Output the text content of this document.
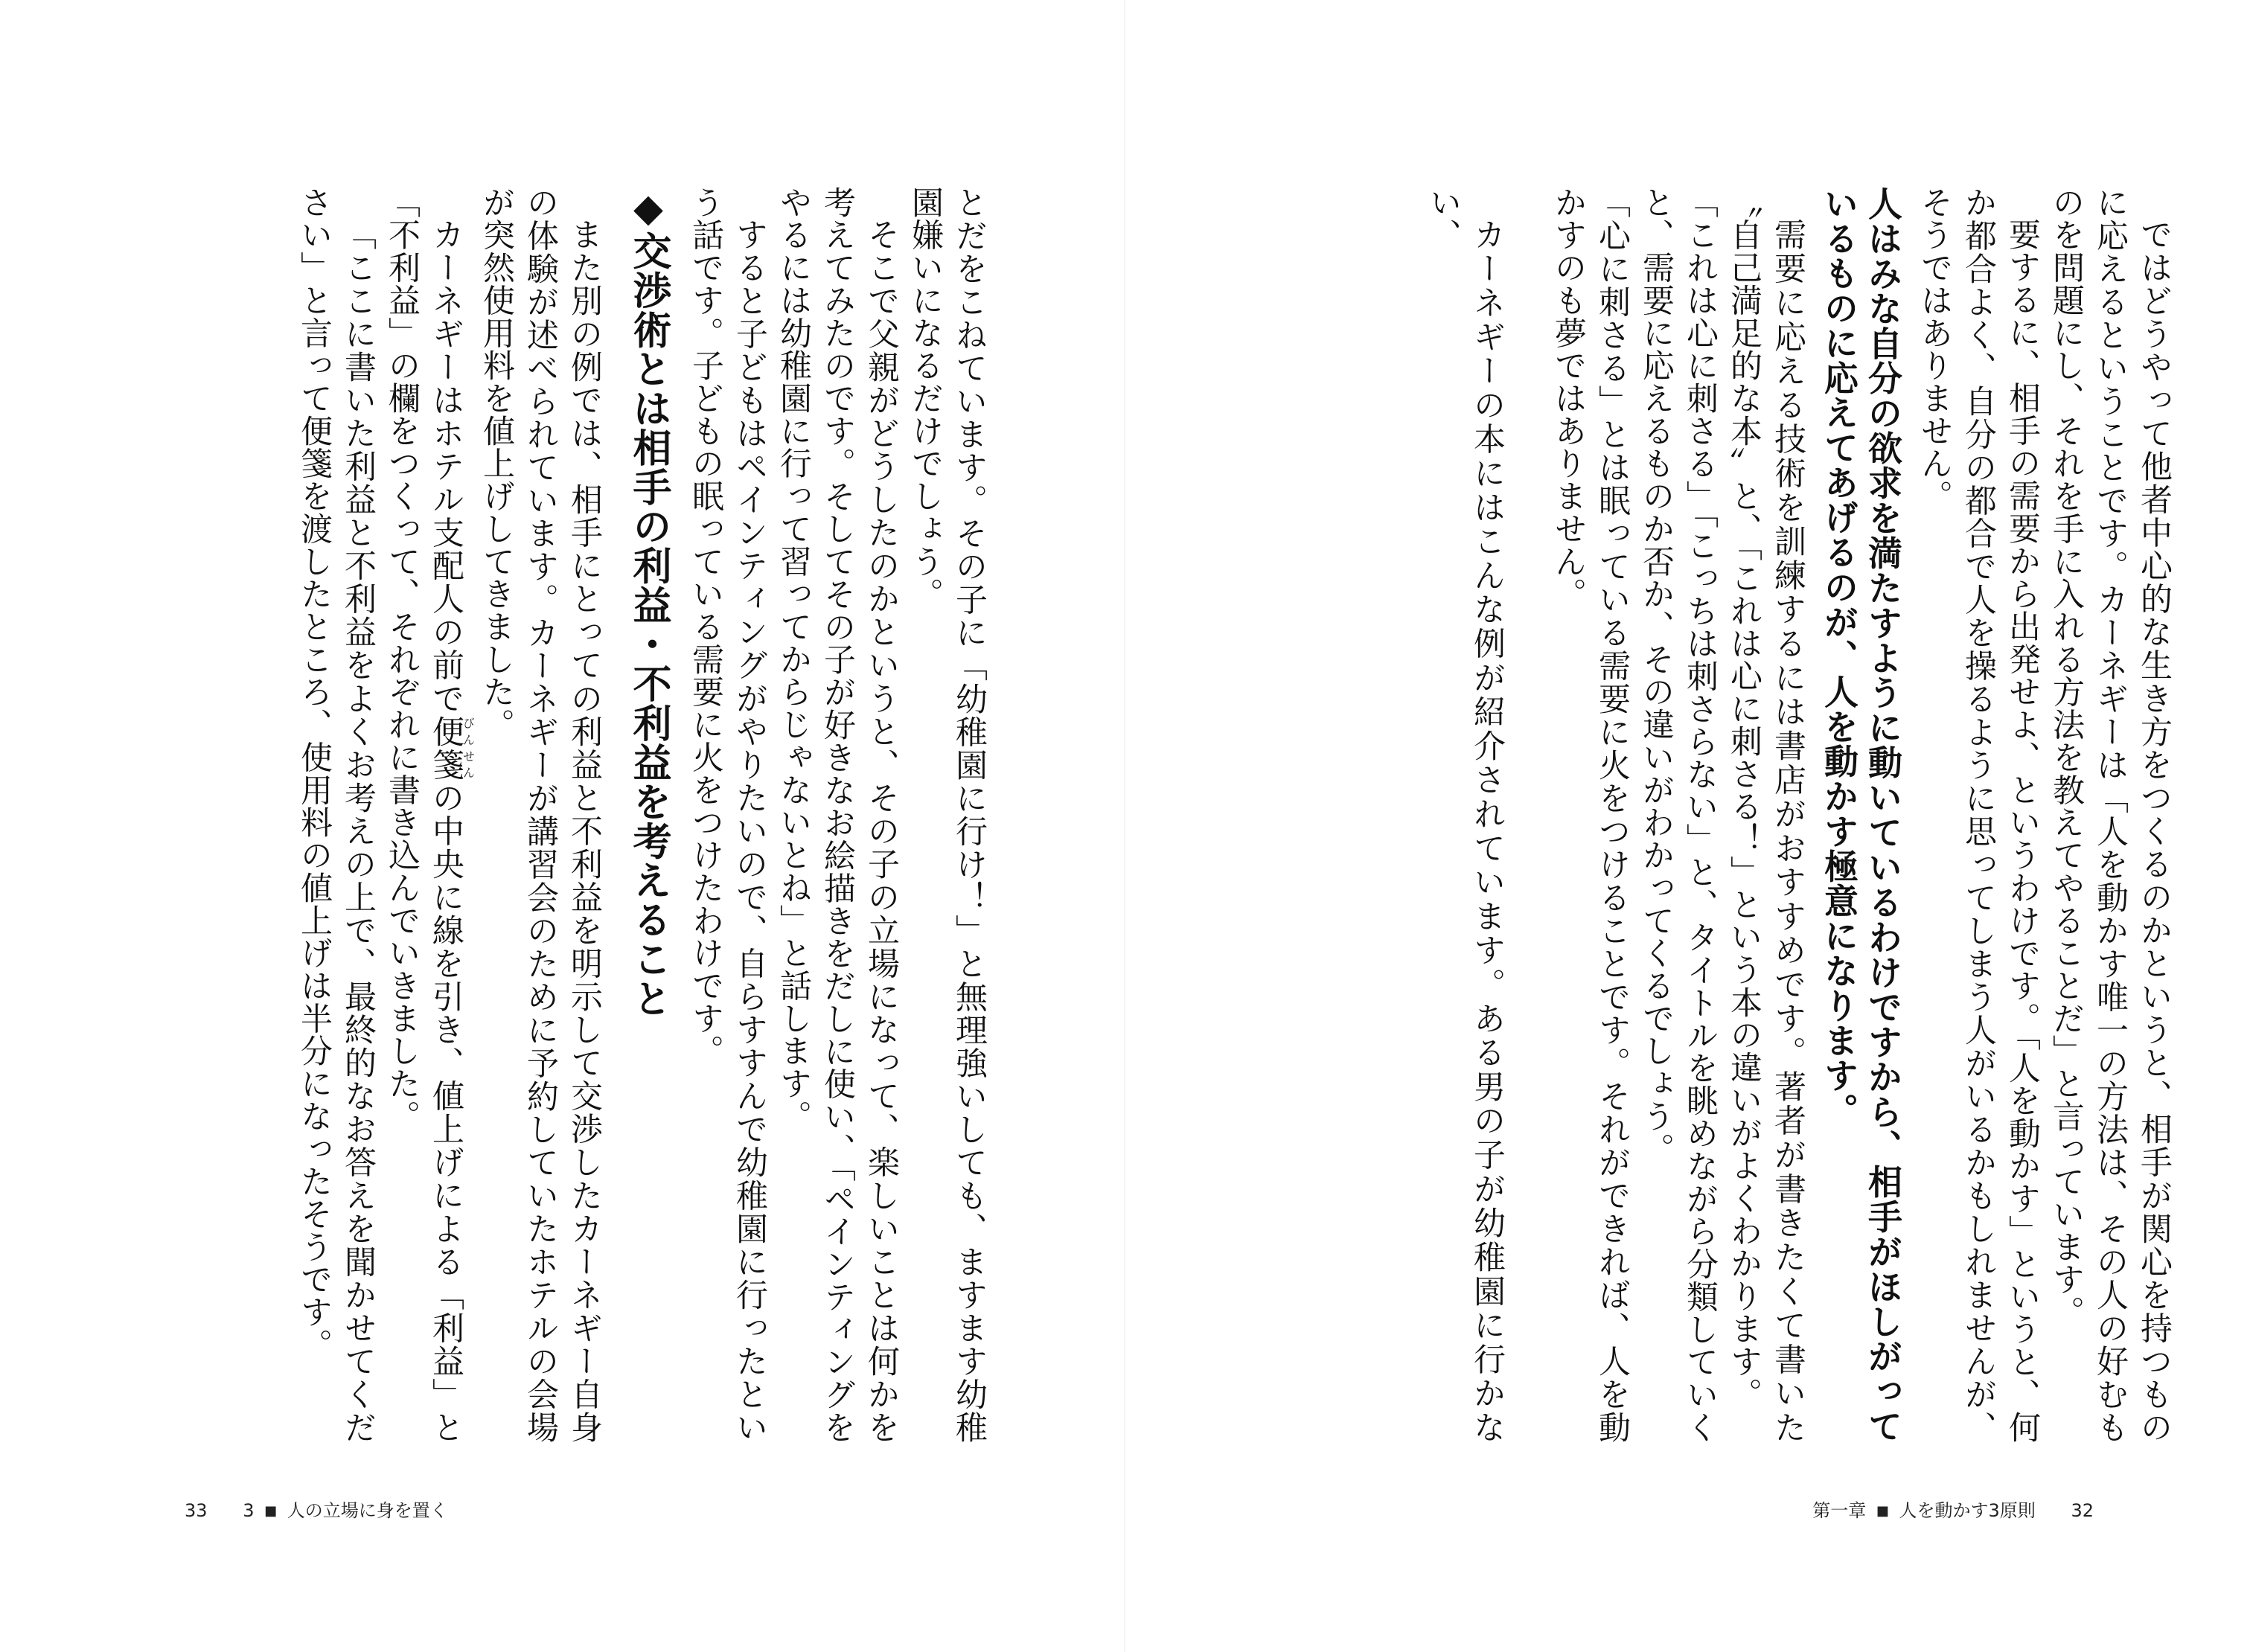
とだをこねています。その子に「幼稚園に行け！」と無理強いしても、ますます幼稚園嫌いになるだけでしょう。

そこで父親がどうしたのかというと、その子の立場になって、楽しいことは何かを考えてみたのです。そしてその子が好きなお絵描きをだしに使い、「ペインティングをやるには幼稚園に行って習ってからじゃないとね」と話します。

すると子どもはペインティングがやりたいので、自らすすんで幼稚園に行ったという話です。子どもの眠っている需要に火をつけたわけです。

◆交渉術とは相手の利益・不利益を考えること

また別の例では、相手にとっての利益と不利益を明示して交渉したカーネギー自身の体験が述べられています。カーネギーが講習会のために予約していたホテルの会場が突然使用料を値上げしてきました。

カーネギーはホテル支配人の前で便箋びんせんの中央に線を引き、値上げによる「利益」と「不利益」の欄をつくって、それぞれに書き込んでいきました。

「ここに書いた利益と不利益をよくお考えの上で、最終的なお答えを聞かせてください」と言って便箋を渡したところ、使用料の値上げは半分になったそうです。

33 3 ■ 人の立場に身を置く

ではどうやって他者中心的な生き方をつくるのかというと、相手が関心を持つものに応えるということです。カーネギーは「人を動かす唯一の方法は、その人の好むものを問題にし、それを手に入れる方法を教えてやることだ」と言っています。

要するに、相手の需要から出発せよ、というわけです。「人を動かす」というと、何か都合よく、自分の都合で人を操るように思ってしまう人がいるかもしれませんが、そうではありません。

人はみな自分の欲求を満たすように動いているわけですから、相手がほしがっているものに応えてあげるのが、人を動かす極意になります。

需要に応える技術を訓練するには書店がおすすめです。著者が書きたくて書いた〝自己満足的な本〟と、「これは心に刺さる！」という本の違いがよくわかります。

「これは心に刺さる」「こっちは刺さらない」と、タイトルを眺めながら分類していくと、需要に応えるものか否か、その違いがわかってくるでしょう。

「心に刺さる」とは眠っている需要に火をつけることです。それができれば、人を動かすのも夢ではありません。

カーネギーの本にはこんな例が紹介されています。ある男の子が幼稚園に行かない、

第一章 ■ 人を動かす3原則 32
